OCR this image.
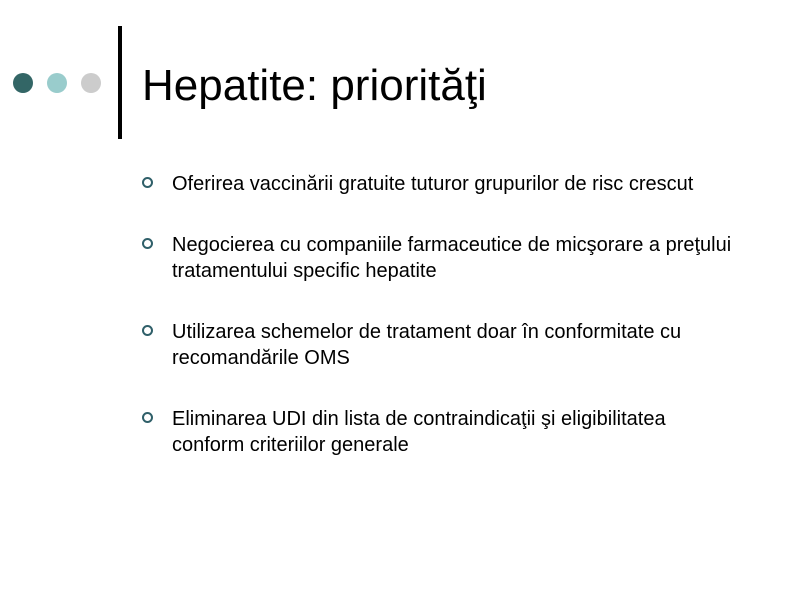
Hepatite: priorităţi
Oferirea vaccinării gratuite tuturor grupurilor de risc crescut
Negocierea cu companiile farmaceutice de micşorare a preţului tratamentului specific hepatite
Utilizarea schemelor de tratament doar în conformitate cu recomandările OMS
Eliminarea UDI din lista de contraindicaţii şi eligibilitatea conform criteriilor generale
